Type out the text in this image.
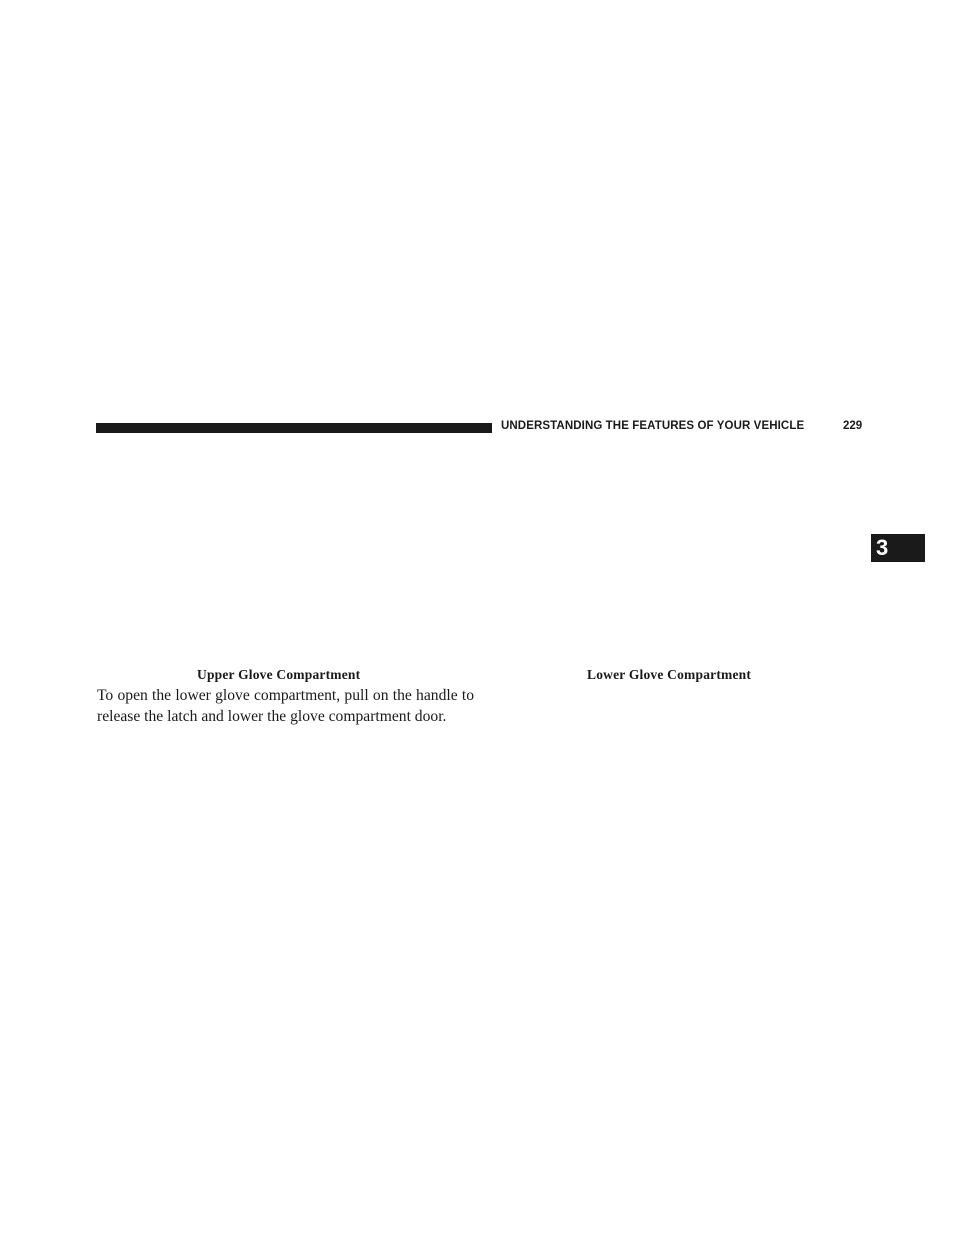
UNDERSTANDING THE FEATURES OF YOUR VEHICLE	229
3
Upper Glove Compartment	Lower Glove Compartment

To open the lower glove compartment, pull on the handle to release the latch and lower the glove compartment door.
